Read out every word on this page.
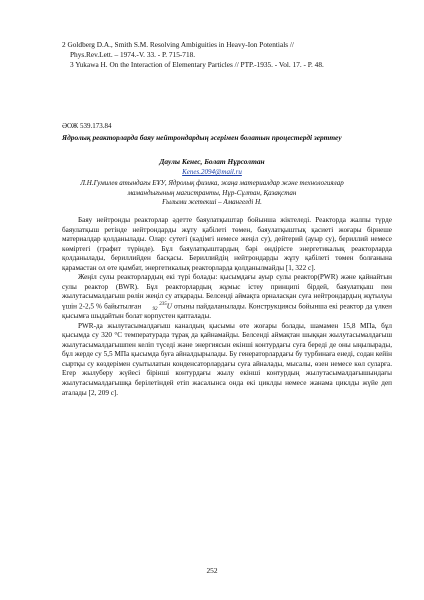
2 Goldberg D.A., Smith S.M. Resolving Ambiguities in Heavy-Ion Potentials //
Phys.Rev.Lett. – 1974.-V. 33. - P. 715-718.
3 Yukawa H. On the Interaction of Elementary Particles // PTP.-1935. - Vol. 17. - P. 48.
ӘОЖ 539.173.84
Ядролық реакторларда баяу нейтрондардың әсерімен болатын процестерді зерттеу
Даулы Кенес, Болат Нұрсолтан
Kenes.2094@mail.ru
Л.Н.Гумилев атындағы ЕҰУ, Ядролық физика, жаңа материалдар және технологиялар
мамандығының магистранты, Нұр-Сұлтан, Қазақстан
Ғылыми жетекші – Амангелді Н.

Баяу нейтронды реакторлар әдетте баяулатқыштар бойынша жіктеледі. Реакторда жалпы түрде баяулатқыш ретінде нейтрондарды жұту қабілеті төмен, баяулатқыштық қасиеті жоғары бірнеше материалдар қолданылады. Олар: сутегі (кәдімгі немесе жеңіл су), дейтерий (ауыр су), бериллий немесе көміртегі (графит түрінде). Бұл баяулатқыштардың бәрі өндірісте энергетикалық реакторларда қолданылады, бериллийден басқасы. Бериллийдің нейтрондарды жұту қабілеті төмен болғанына қарамастан ол өте қымбат, энергетикалық реакторларда қолданылмайды [1, 322 с].

Жеңіл сулы реакторлардың екі түрі болады: қысымдағы ауыр сулы реактор(PWR) және қайнайтын сулы реактор (BWR). Бұл реакторлардың жұмыс істеу принципі бірдей, баяулатқыш пен жылутасымалдағыш рөлін жеңіл су атқарады. Белсенді аймақта орналасқан суға нейтрондардың жұтылуы үшін 2-2,5 % байытылған	235
92 U отыны пайдаланылады. Конструкциясы бойынша екі реактор да үлкен қысымға шыдайтын болат корпустен қапталады.

PWR-да жылутасымалдағыш каналдың қысымы өте жоғары болады, шамамен 15,8 МПа, бұл қысымда су 320 °С температурада тұрақ да қайнамайды. Белсенді аймақтан шыққан жылутасымалдағыш жылутасымалдағышпен келіп түседі және энергиясын екінші контурдағы суға береді де оны ыңылырады, бұл жерде су 5,5 МПа қысымда буға айналдырылады. Бу генераторлардағы бу турбинаға енеді, содан кейін сыртқы су көздерімен суытылатын конденсаторлардағы суға айналады, мысалы, өзен немесе көл суларға. Егер жылуберу жүйесі бірінші контурдағы жылу екінші контурдың жылутасымалдағышындағы жылутасымалдағышқа берілетіндей етіп жасалынса онда екі циклды немесе жанама циклды жүйе деп аталады [2, 209 с].

252
